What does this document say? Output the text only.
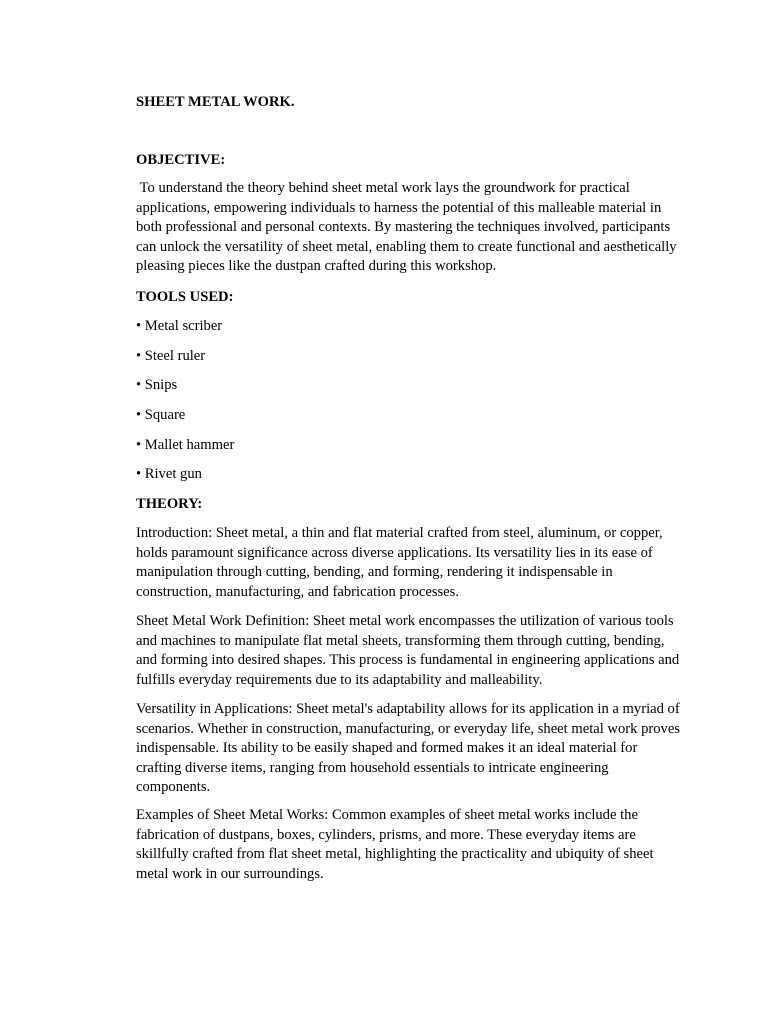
SHEET METAL WORK.
OBJECTIVE:

To understand the theory behind sheet metal work lays the groundwork for practical applications, empowering individuals to harness the potential of this malleable material in both professional and personal contexts. By mastering the techniques involved, participants can unlock the versatility of sheet metal, enabling them to create functional and aesthetically pleasing pieces like the dustpan crafted during this workshop.

TOOLS USED:
• Metal scriber
• Steel ruler
• Snips
• Square
• Mallet hammer
• Rivet gun
THEORY:

Introduction: Sheet metal, a thin and flat material crafted from steel, aluminum, or copper, holds paramount significance across diverse applications. Its versatility lies in its ease of manipulation through cutting, bending, and forming, rendering it indispensable in construction, manufacturing, and fabrication processes.

Sheet Metal Work Definition: Sheet metal work encompasses the utilization of various tools and machines to manipulate flat metal sheets, transforming them through cutting, bending, and forming into desired shapes. This process is fundamental in engineering applications and fulfills everyday requirements due to its adaptability and malleability.

Versatility in Applications: Sheet metal's adaptability allows for its application in a myriad of scenarios. Whether in construction, manufacturing, or everyday life, sheet metal work proves indispensable. Its ability to be easily shaped and formed makes it an ideal material for crafting diverse items, ranging from household essentials to intricate engineering components.

Examples of Sheet Metal Works: Common examples of sheet metal works include the fabrication of dustpans, boxes, cylinders, prisms, and more. These everyday items are skillfully crafted from flat sheet metal, highlighting the practicality and ubiquity of sheet metal work in our surroundings.
